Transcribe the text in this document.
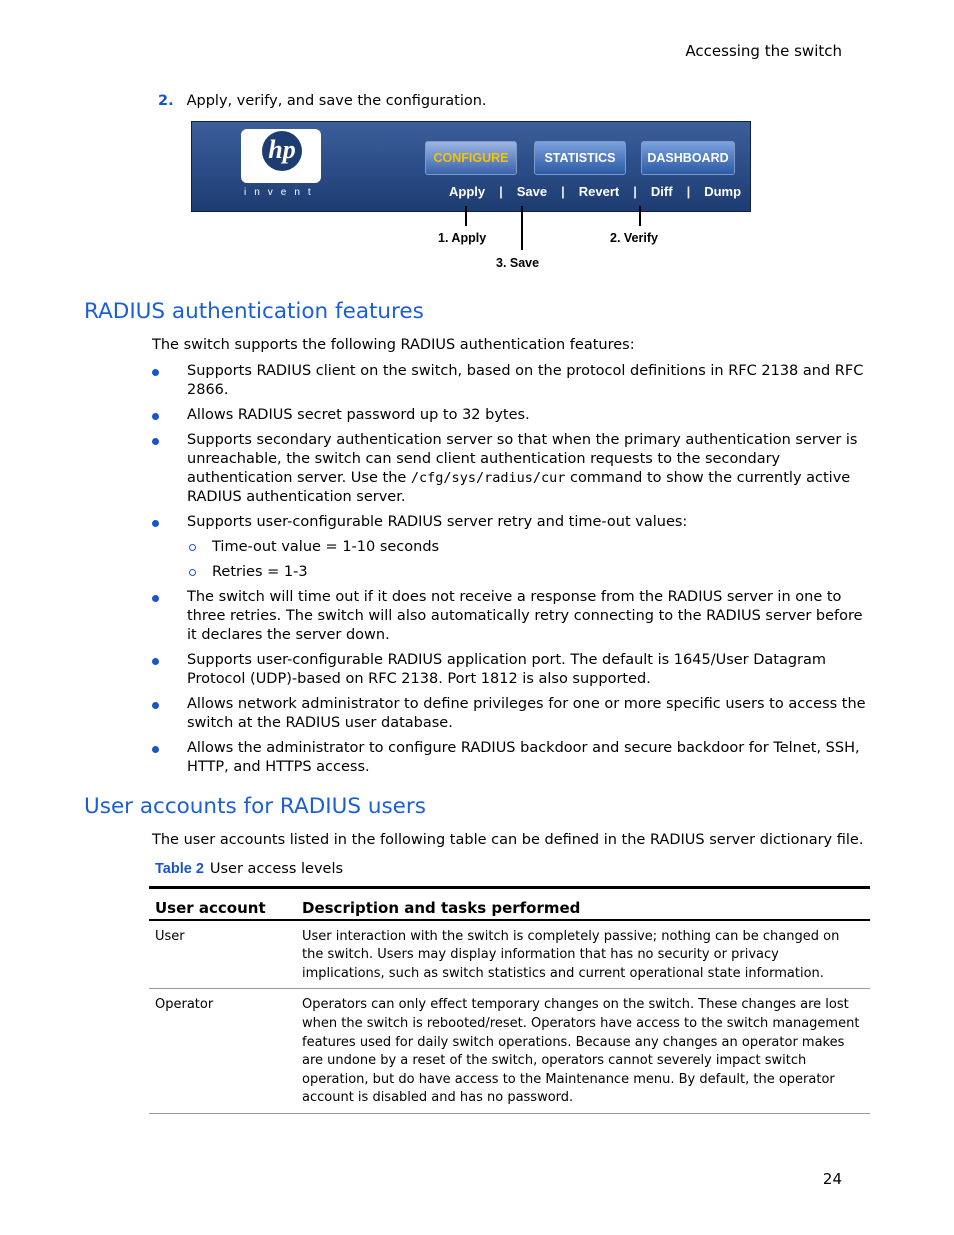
Accessing the switch
2. Apply, verify, and save the configuration.
hp
invent
CONFIGURE	STATISTICS	DASHBOARD
Apply | Save | Revert | Diff | Dump
1. Apply	2. Verify
3. Save
RADIUS authentication features
The switch supports the following RADIUS authentication features:
Supports RADIUS client on the switch, based on the protocol definitions in RFC 2138 and RFC 2866.
Allows RADIUS secret password up to 32 bytes.
Supports secondary authentication server so that when the primary authentication server is unreachable, the switch can send client authentication requests to the secondary authentication server. Use the /cfg/sys/radius/cur command to show the currently active RADIUS authentication server.
Supports user-configurable RADIUS server retry and time-out values:
Time-out value = 1-10 seconds
Retries = 1-3
The switch will time out if it does not receive a response from the RADIUS server in one to three retries. The switch will also automatically retry connecting to the RADIUS server before it declares the server down.
Supports user-configurable RADIUS application port. The default is 1645/User Datagram Protocol (UDP)-based on RFC 2138. Port 1812 is also supported.
Allows network administrator to define privileges for one or more specific users to access the switch at the RADIUS user database.
Allows the administrator to configure RADIUS backdoor and secure backdoor for Telnet, SSH, HTTP, and HTTPS access.
User accounts for RADIUS users
The user accounts listed in the following table can be defined in the RADIUS server dictionary file.
Table 2 User access levels
User account	Description and tasks performed
User	User interaction with the switch is completely passive; nothing can be changed on the switch. Users may display information that has no security or privacy implications, such as switch statistics and current operational state information.
Operator	Operators can only effect temporary changes on the switch. These changes are lost when the switch is rebooted/reset. Operators have access to the switch management features used for daily switch operations. Because any changes an operator makes are undone by a reset of the switch, operators cannot severely impact switch operation, but do have access to the Maintenance menu. By default, the operator account is disabled and has no password.
24
